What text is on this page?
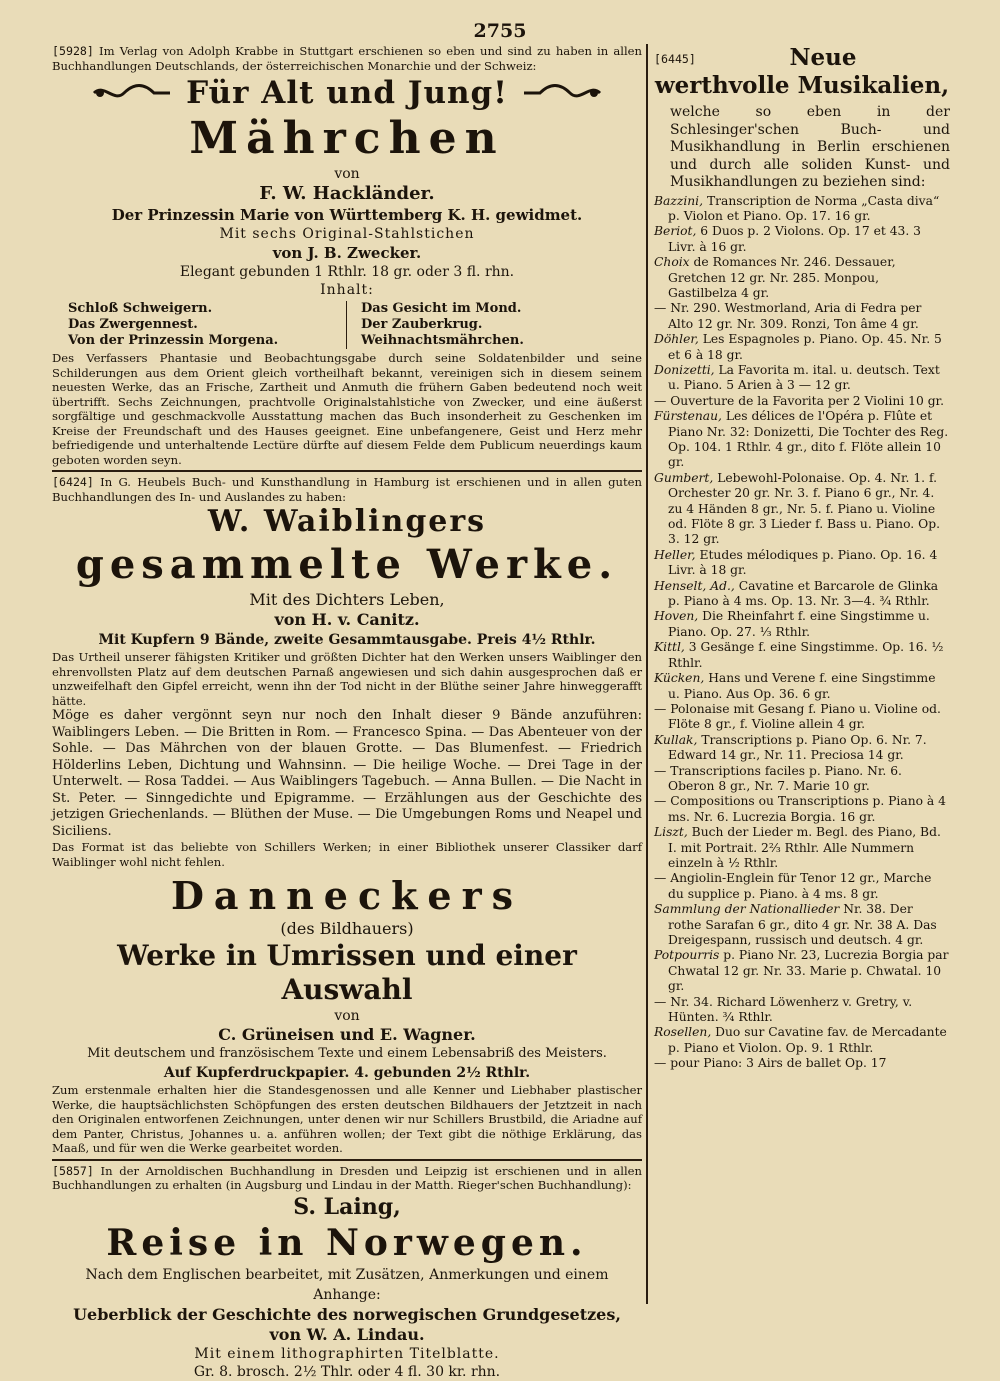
2755
[5928] Im Verlag von Adolph Krabbe in Stuttgart erschienen so eben und sind zu haben in allen Buchhandlungen Deutschlands, der österreichischen Monarchie und der Schweiz:
Für Alt und Jung!
Mährchen
von
F. W. Hackländer.
Der Prinzessin Marie von Württemberg K. H. gewidmet.
Mit sechs Original-Stahlstichen
von J. B. Zwecker.
Elegant gebunden 1 Rthlr. 18 gr. oder 3 fl. rhn.
Inhalt:
Schloß Schweigern.
Das Zwergennest.
Von der Prinzessin Morgena.
Das Gesicht im Mond.
Der Zauberkrug.
Weihnachtsmährchen.
Des Verfassers Phantasie und Beobachtungsgabe durch seine Soldatenbilder und seine Schilderungen aus dem Orient gleich vortheilhaft bekannt, vereinigen sich in diesem seinem neuesten Werke, das an Frische, Zartheit und Anmuth die frühern Gaben bedeutend noch weit übertrifft. Sechs Zeichnungen, prachtvolle Originalstahlstiche von Zwecker, und eine äußerst sorgfältige und geschmackvolle Ausstattung machen das Buch insonderheit zu Geschenken im Kreise der Freundschaft und des Hauses geeignet. Eine unbefangenere, Geist und Herz mehr befriedigende und unterhaltende Lectüre dürfte auf diesem Felde dem Publicum neuerdings kaum geboten worden seyn.
[6424] In G. Heubels Buch- und Kunsthandlung in Hamburg ist erschienen und in allen guten Buchhandlungen des In- und Auslandes zu haben:
W. Waiblingers
gesammelte Werke.
Mit des Dichters Leben,
von H. v. Canitz.
Mit Kupfern 9 Bände, zweite Gesammtausgabe. Preis 4½ Rthlr.
Das Urtheil unserer fähigsten Kritiker und größten Dichter hat den Werken unsers Waiblinger den ehrenvollsten Platz auf dem deutschen Parnaß angewiesen und sich dahin ausgesprochen daß er unzweifelhaft den Gipfel erreicht, wenn ihn der Tod nicht in der Blüthe seiner Jahre hinweggerafft hätte.
Möge es daher vergönnt seyn nur noch den Inhalt dieser 9 Bände anzuführen: Waiblingers Leben. — Die Britten in Rom. — Francesco Spina. — Das Abenteuer von der Sohle. — Das Mährchen von der blauen Grotte. — Das Blumenfest. — Friedrich Hölderlins Leben, Dichtung und Wahnsinn. — Die heilige Woche. — Drei Tage in der Unterwelt. — Rosa Taddei. — Aus Waiblingers Tagebuch. — Anna Bullen. — Die Nacht in St. Peter. — Sinngedichte und Epigramme. — Erzählungen aus der Geschichte des jetzigen Griechenlands. — Blüthen der Muse. — Die Umgebungen Roms und Neapel und Siciliens.
Das Format ist das beliebte von Schillers Werken; in einer Bibliothek unserer Classiker darf Waiblinger wohl nicht fehlen.
Danneckers
(des Bildhauers)
Werke in Umrissen und einer Auswahl
von
C. Grüneisen und E. Wagner.
Mit deutschem und französischem Texte und einem Lebensabriß des Meisters.
Auf Kupferdruckpapier. 4. gebunden 2½ Rthlr.
Zum erstenmale erhalten hier die Standesgenossen und alle Kenner und Liebhaber plastischer Werke, die hauptsächlichsten Schöpfungen des ersten deutschen Bildhauers der Jetztzeit in nach den Originalen entworfenen Zeichnungen, unter denen wir nur Schillers Brustbild, die Ariadne auf dem Panter, Christus, Johannes u. a. anführen wollen; der Text gibt die nöthige Erklärung, das Maaß, und für wen die Werke gearbeitet worden.
[5857] In der Arnoldischen Buchhandlung in Dresden und Leipzig ist erschienen und in allen Buchhandlungen zu erhalten (in Augsburg und Lindau in der Matth. Rieger'schen Buchhandlung):
S. Laing,
Reise in Norwegen.
Nach dem Englischen bearbeitet, mit Zusätzen, Anmerkungen und einem Anhange:
Ueberblick der Geschichte des norwegischen Grundgesetzes,
von W. A. Lindau.
Mit einem lithographirten Titelblatte.
Gr. 8. brosch. 2½ Thlr. oder 4 fl. 30 kr. rhn.
[6445]	Neue
werthvolle Musikalien,
welche so eben in der Schlesinger'schen Buch- und Musikhandlung in Berlin erschienen und durch alle soliden Kunst- und Musikhandlungen zu beziehen sind:
Bazzini, Transcription de Norma „Casta diva“ p. Violon et Piano. Op. 17. 16 gr.
Beriot, 6 Duos p. 2 Violons. Op. 17 et 43. 3 Livr. à 16 gr.
Choix de Romances Nr. 246. Dessauer, Gretchen 12 gr. Nr. 285. Monpou, Gastilbelza 4 gr.
— Nr. 290. Westmorland, Aria di Fedra per Alto 12 gr. Nr. 309. Ronzi, Ton âme 4 gr.
Döhler, Les Espagnoles p. Piano. Op. 45. Nr. 5 et 6 à 18 gr.
Donizetti, La Favorita m. ital. u. deutsch. Text u. Piano. 5 Arien à 3 — 12 gr.
— Ouverture de la Favorita per 2 Violini 10 gr.
Fürstenau, Les délices de l'Opéra p. Flûte et Piano Nr. 32: Donizetti, Die Tochter des Reg. Op. 104. 1 Rthlr. 4 gr., dito f. Flöte allein 10 gr.
Gumbert, Lebewohl-Polonaise. Op. 4. Nr. 1. f. Orchester 20 gr. Nr. 3. f. Piano 6 gr., Nr. 4. zu 4 Händen 8 gr., Nr. 5. f. Piano u. Violine od. Flöte 8 gr. 3 Lieder f. Bass u. Piano. Op. 3. 12 gr.
Heller, Etudes mélodiques p. Piano. Op. 16. 4 Livr. à 18 gr.
Henselt, Ad., Cavatine et Barcarole de Glinka p. Piano à 4 ms. Op. 13. Nr. 3—4. ¾ Rthlr.
Hoven, Die Rheinfahrt f. eine Singstimme u. Piano. Op. 27. ⅓ Rthlr.
Kittl, 3 Gesänge f. eine Singstimme. Op. 16. ½ Rthlr.
Kücken, Hans und Verene f. eine Singstimme u. Piano. Aus Op. 36. 6 gr.
— Polonaise mit Gesang f. Piano u. Violine od. Flöte 8 gr., f. Violine allein 4 gr.
Kullak, Transcriptions p. Piano Op. 6. Nr. 7. Edward 14 gr., Nr. 11. Preciosa 14 gr.
— Transcriptions faciles p. Piano. Nr. 6. Oberon 8 gr., Nr. 7. Marie 10 gr.
— Compositions ou Transcriptions p. Piano à 4 ms. Nr. 6. Lucrezia Borgia. 16 gr.
Liszt, Buch der Lieder m. Begl. des Piano, Bd. I. mit Portrait. 2⅔ Rthlr. Alle Nummern einzeln à ½ Rthlr.
— Angiolin-Englein für Tenor 12 gr., Marche du supplice p. Piano. à 4 ms. 8 gr.
Sammlung der Nationallieder Nr. 38. Der rothe Sarafan 6 gr., dito 4 gr. Nr. 38 A. Das Dreigespann, russisch und deutsch. 4 gr.
Potpourris p. Piano Nr. 23, Lucrezia Borgia par Chwatal 12 gr. Nr. 33. Marie p. Chwatal. 10 gr.
— Nr. 34. Richard Löwenherz v. Gretry, v. Hünten. ¾ Rthlr.
Rosellen, Duo sur Cavatine fav. de Mercadante p. Piano et Violon. Op. 9. 1 Rthlr.
— pour Piano: 3 Airs de ballet Op. 17
